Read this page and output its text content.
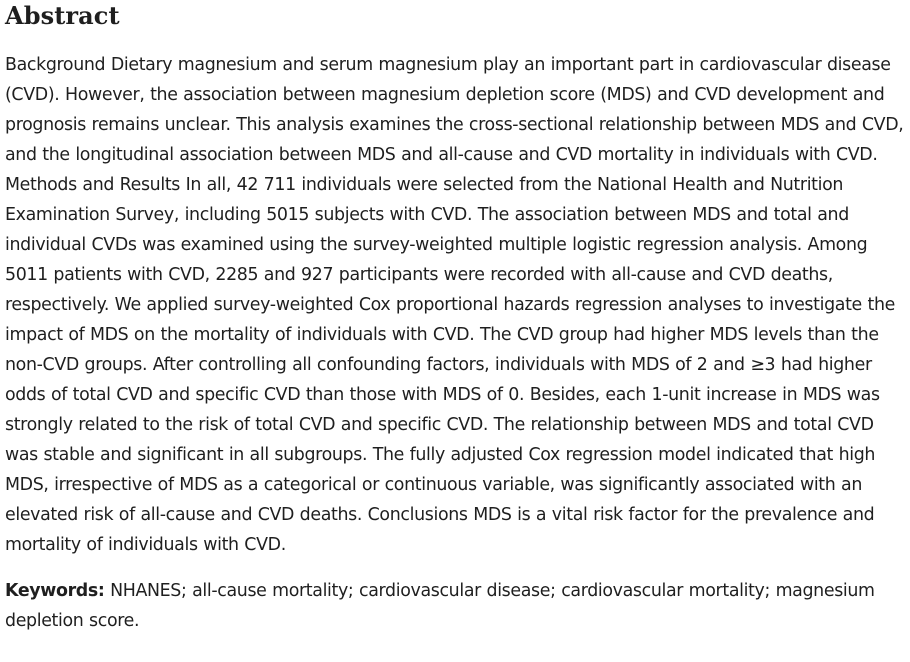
Abstract

Background Dietary magnesium and serum magnesium play an important part in cardiovascular disease (CVD). However, the association between magnesium depletion score (MDS) and CVD development and prognosis remains unclear. This analysis examines the cross-sectional relationship between MDS and CVD, and the longitudinal association between MDS and all-cause and CVD mortality in individuals with CVD. Methods and Results In all, 42 711 individuals were selected from the National Health and Nutrition Examination Survey, including 5015 subjects with CVD. The association between MDS and total and individual CVDs was examined using the survey-weighted multiple logistic regression analysis. Among 5011 patients with CVD, 2285 and 927 participants were recorded with all-cause and CVD deaths, respectively. We applied survey-weighted Cox proportional hazards regression analyses to investigate the impact of MDS on the mortality of individuals with CVD. The CVD group had higher MDS levels than the non-CVD groups. After controlling all confounding factors, individuals with MDS of 2 and ≥3 had higher odds of total CVD and specific CVD than those with MDS of 0. Besides, each 1-unit increase in MDS was strongly related to the risk of total CVD and specific CVD. The relationship between MDS and total CVD was stable and significant in all subgroups. The fully adjusted Cox regression model indicated that high MDS, irrespective of MDS as a categorical or continuous variable, was significantly associated with an elevated risk of all-cause and CVD deaths. Conclusions MDS is a vital risk factor for the prevalence and mortality of individuals with CVD.

Keywords: NHANES; all-cause mortality; cardiovascular disease; cardiovascular mortality; magnesium depletion score.
